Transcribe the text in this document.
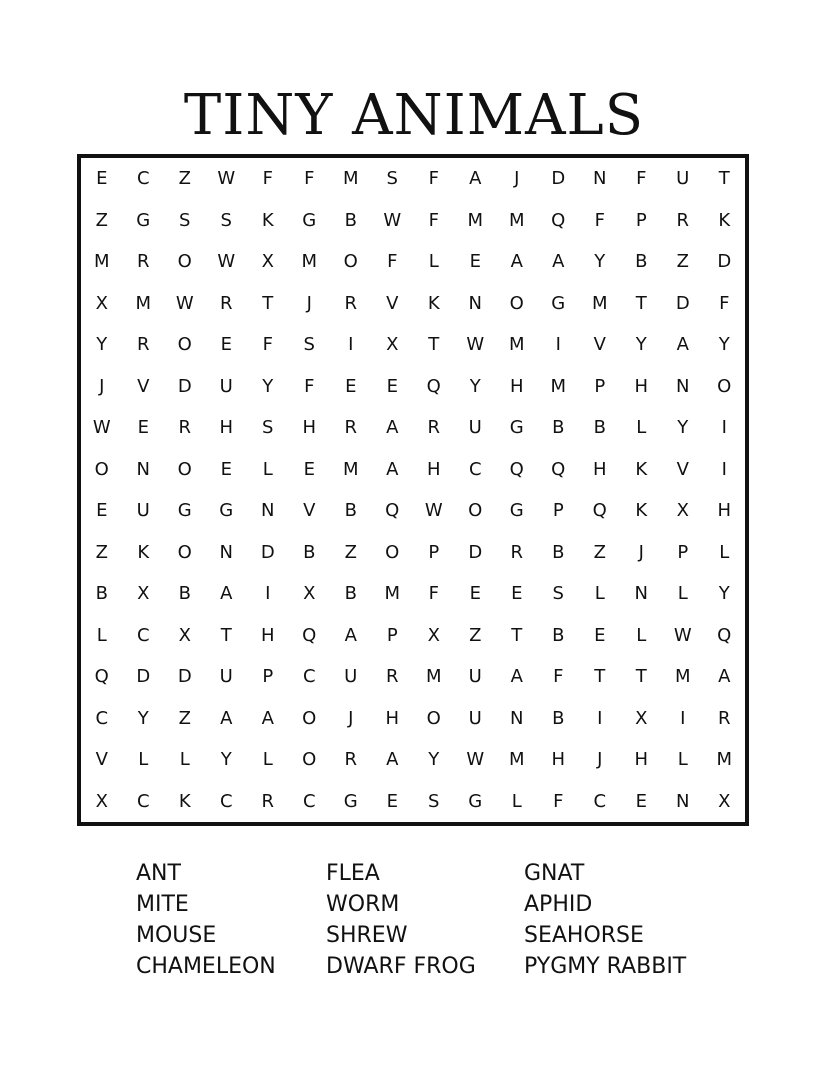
TINY ANIMALS
E	C	Z	W	F	F	M	S	F	A	J	D	N	F	U	T
Z	G	S	S	K	G	B	W	F	M	M	Q	F	P	R	K
M	R	O	W	X	M	O	F	L	E	A	A	Y	B	Z	D
X	M	W	R	T	J	R	V	K	N	O	G	M	T	D	F
Y	R	O	E	F	S	I	X	T	W	M	I	V	Y	A	Y
J	V	D	U	Y	F	E	E	Q	Y	H	M	P	H	N	O
W	E	R	H	S	H	R	A	R	U	G	B	B	L	Y	I
O	N	O	E	L	E	M	A	H	C	Q	Q	H	K	V	I
E	U	G	G	N	V	B	Q	W	O	G	P	Q	K	X	H
Z	K	O	N	D	B	Z	O	P	D	R	B	Z	J	P	L
B	X	B	A	I	X	B	M	F	E	E	S	L	N	L	Y
L	C	X	T	H	Q	A	P	X	Z	T	B	E	L	W	Q
Q	D	D	U	P	C	U	R	M	U	A	F	T	T	M	A
C	Y	Z	A	A	O	J	H	O	U	N	B	I	X	I	R
V	L	L	Y	L	O	R	A	Y	W	M	H	J	H	L	M
X	C	K	C	R	C	G	E	S	G	L	F	C	E	N	X
ANT
MITE
MOUSE
CHAMELEON
FLEA
WORM
SHREW
DWARF FROG
GNAT
APHID
SEAHORSE
PYGMY RABBIT
